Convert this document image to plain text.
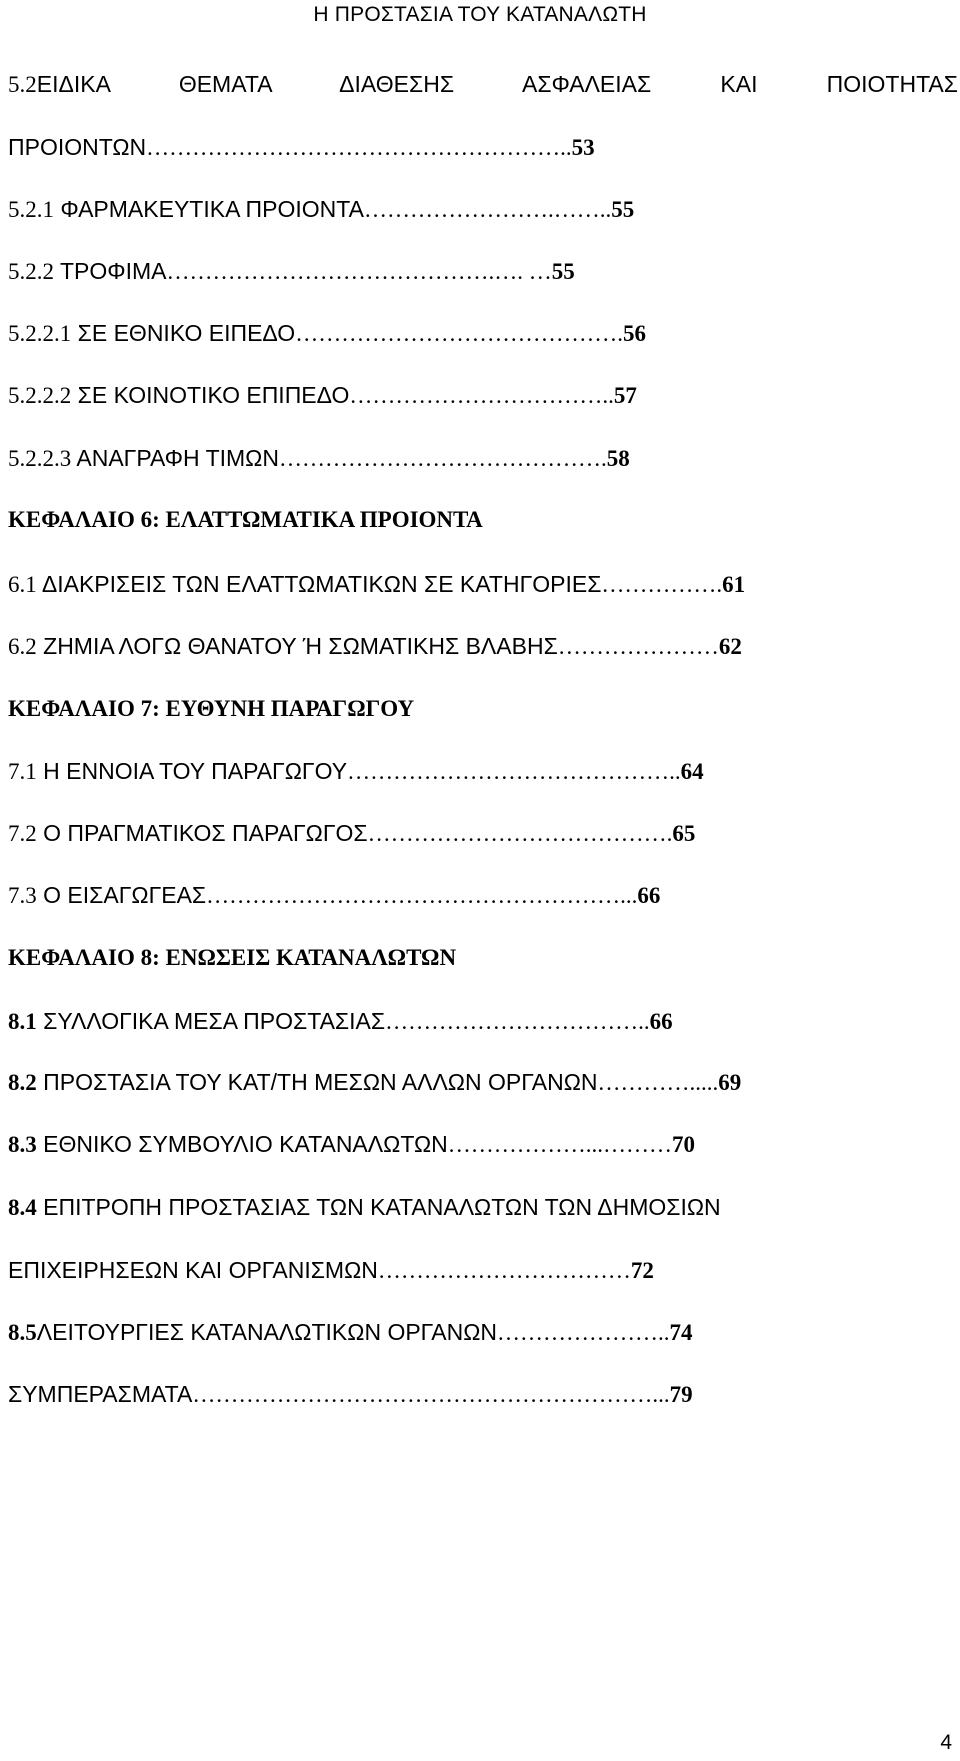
Η ΠΡΟΣΤΑΣΙΑ ΤΟΥ ΚΑΤΑΝΑΛΩΤΗ
5.2ΕΙΔΙΚΑ ΘΕΜΑΤΑ ΔΙΑΘΕΣΗΣ ΑΣΦΑΛΕΙΑΣ ΚΑΙ ΠΟΙΟΤΗΤΑΣ
ΠΡΟΙΟΝΤΩΝ………………………………………………..53
5.2.1 ΦΑΡΜΑΚΕΥΤΙΚΑ ΠΡΟΙΟΝΤΑ…………………….……..55
5.2.2 ΤΡΟΦΙΜΑ…………………………………….…. …55
5.2.2.1 ΣΕ ΕΘΝΙΚΟ ΕΙΠΕΔΟ…………………………………….56
5.2.2.2 ΣΕ ΚΟΙΝΟΤΙΚΟ ΕΠΙΠΕΔΟ……………………………..57
5.2.2.3 ΑΝΑΓΡΑΦΗ ΤΙΜΩΝ…………………………………….58
ΚΕΦΑΛΑΙΟ 6: ΕΛΑΤΤΩΜΑΤΙΚΑ ΠΡΟΙΟΝΤΑ
6.1 ΔΙΑΚΡΙΣΕΙΣ ΤΩΝ ΕΛΑΤΤΩΜΑΤΙΚΩΝ ΣΕ ΚΑΤΗΓΟΡΙΕΣ…………….61
6.2 ΖΗΜΙΑ ΛΟΓΩ ΘΑΝΑΤΟΥ Ή ΣΩΜΑΤΙΚΗΣ ΒΛΑΒΗΣ…………………62
ΚΕΦΑΛΑΙΟ 7: ΕΥΘΥΝΗ ΠΑΡΑΓΩΓΟΥ
7.1 Η ΕΝΝΟΙΑ ΤΟΥ ΠΑΡΑΓΩΓΟΥ……………………………………..64
7.2 Ο ΠΡΑΓΜΑΤΙΚΟΣ ΠΑΡΑΓΩΓΟΣ………………………………….65
7.3 Ο ΕΙΣΑΓΩΓΕΑΣ………………………………………………...66
ΚΕΦΑΛΑΙΟ 8: ΕΝΩΣΕΙΣ ΚΑΤΑΝΑΛΩΤΩΝ
8.1 ΣΥΛΛΟΓΙΚΑ ΜΕΣΑ ΠΡΟΣΤΑΣΙΑΣ……………………………..66
8.2 ΠΡΟΣΤΑΣΙΑ ΤΟΥ ΚΑΤ/ΤΗ ΜΕΣΩΝ ΑΛΛΩΝ ΟΡΓΑΝΩΝ………….....69
8.3 ΕΘΝΙΚΟ ΣΥΜΒΟΥΛΙΟ ΚΑΤΑΝΑΛΩΤΩΝ………………...………70
8.4 ΕΠΙΤΡΟΠΗ ΠΡΟΣΤΑΣΙΑΣ ΤΩΝ ΚΑΤΑΝΑΛΩΤΩΝ ΤΩΝ ΔΗΜΟΣΙΩΝ
ΕΠΙΧΕΙΡΗΣΕΩΝ ΚΑΙ ΟΡΓΑΝΙΣΜΩΝ……………………………72
8.5ΛΕΙΤΟΥΡΓΙΕΣ ΚΑΤΑΝΑΛΩΤΙΚΩΝ ΟΡΓΑΝΩΝ…………………..74
ΣΥΜΠΕΡΑΣΜΑΤΑ……………………………………………………...79
4
